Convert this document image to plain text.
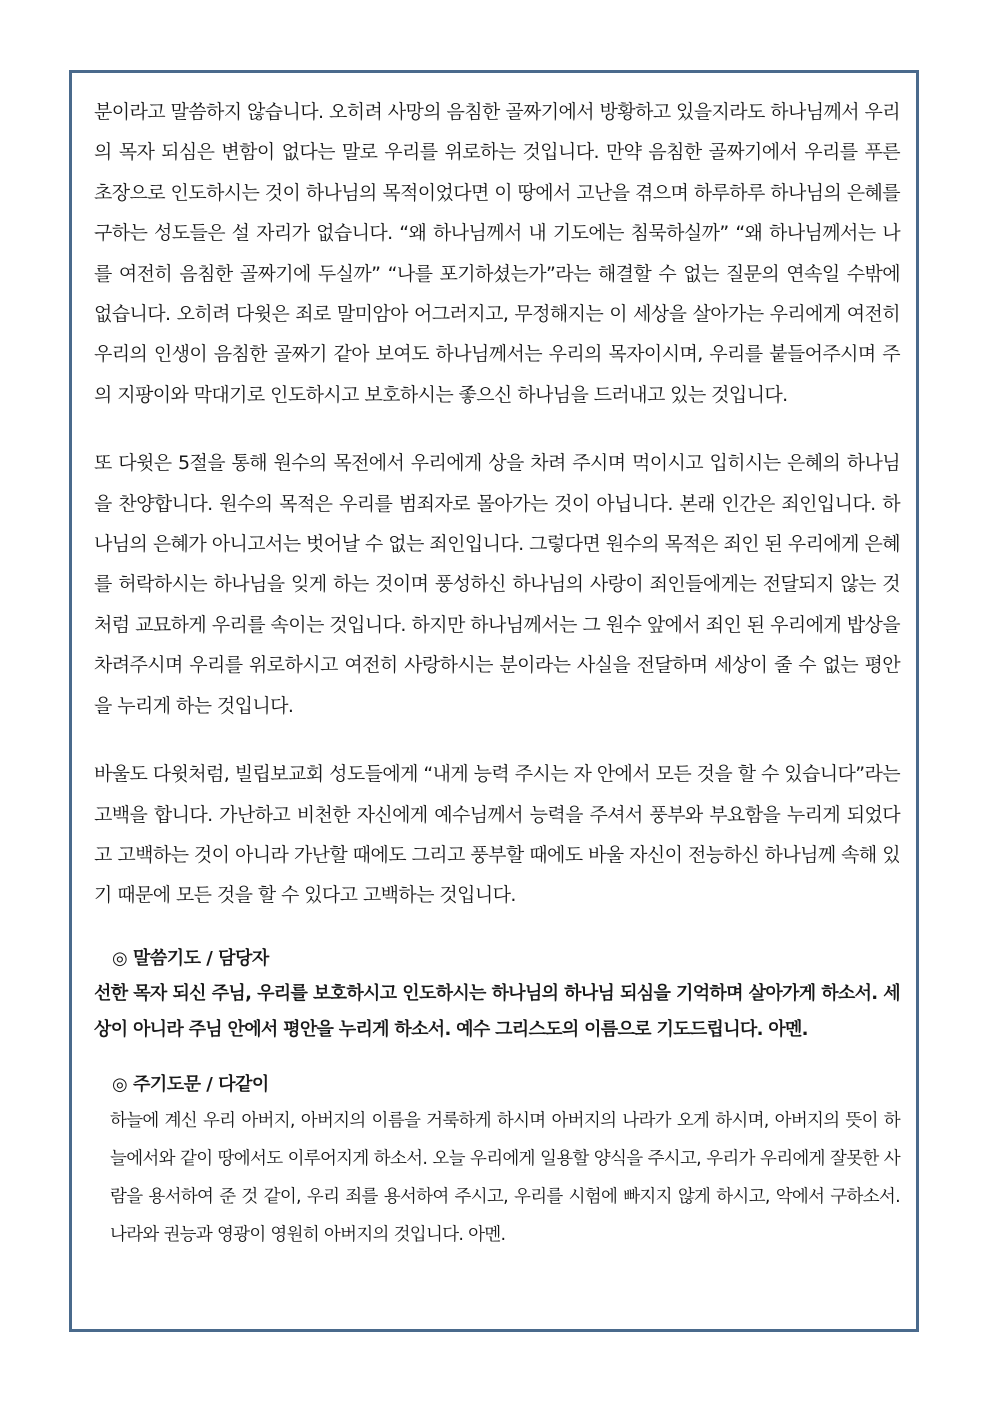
분이라고 말씀하지 않습니다. 오히려 사망의 음침한 골짜기에서 방황하고 있을지라도 하나님께서 우리의 목자 되심은 변함이 없다는 말로 우리를 위로하는 것입니다. 만약 음침한 골짜기에서 우리를 푸른 초장으로 인도하시는 것이 하나님의 목적이었다면 이 땅에서 고난을 겪으며 하루하루 하나님의 은혜를 구하는 성도들은 설 자리가 없습니다. “왜 하나님께서 내 기도에는 침묵하실까” “왜 하나님께서는 나를 여전히 음침한 골짜기에 두실까” “나를 포기하셨는가”라는 해결할 수 없는 질문의 연속일 수밖에 없습니다. 오히려 다윗은 죄로 말미암아 어그러지고, 무정해지는 이 세상을 살아가는 우리에게 여전히 우리의 인생이 음침한 골짜기 같아 보여도 하나님께서는 우리의 목자이시며, 우리를 붙들어주시며 주의 지팡이와 막대기로 인도하시고 보호하시는 좋으신 하나님을 드러내고 있는 것입니다.

또 다윗은 5절을 통해 원수의 목전에서 우리에게 상을 차려 주시며 먹이시고 입히시는 은혜의 하나님을 찬양합니다. 원수의 목적은 우리를 범죄자로 몰아가는 것이 아닙니다. 본래 인간은 죄인입니다. 하나님의 은혜가 아니고서는 벗어날 수 없는 죄인입니다. 그렇다면 원수의 목적은 죄인 된 우리에게 은혜를 허락하시는 하나님을 잊게 하는 것이며 풍성하신 하나님의 사랑이 죄인들에게는 전달되지 않는 것처럼 교묘하게 우리를 속이는 것입니다. 하지만 하나님께서는 그 원수 앞에서 죄인 된 우리에게 밥상을 차려주시며 우리를 위로하시고 여전히 사랑하시는 분이라는 사실을 전달하며 세상이 줄 수 없는 평안을 누리게 하는 것입니다.

바울도 다윗처럼, 빌립보교회 성도들에게 “내게 능력 주시는 자 안에서 모든 것을 할 수 있습니다”라는 고백을 합니다. 가난하고 비천한 자신에게 예수님께서 능력을 주셔서 풍부와 부요함을 누리게 되었다고 고백하는 것이 아니라 가난할 때에도 그리고 풍부할 때에도 바울 자신이 전능하신 하나님께 속해 있기 때문에 모든 것을 할 수 있다고 고백하는 것입니다.

◎ 말씀기도 / 담당자

선한 목자 되신 주님, 우리를 보호하시고 인도하시는 하나님의 하나님 되심을 기억하며 살아가게 하소서. 세상이 아니라 주님 안에서 평안을 누리게 하소서. 예수 그리스도의 이름으로 기도드립니다. 아멘.

◎ 주기도문 / 다같이

하늘에 계신 우리 아버지, 아버지의 이름을 거룩하게 하시며 아버지의 나라가 오게 하시며, 아버지의 뜻이 하늘에서와 같이 땅에서도 이루어지게 하소서. 오늘 우리에게 일용할 양식을 주시고, 우리가 우리에게 잘못한 사람을 용서하여 준 것 같이, 우리 죄를 용서하여 주시고, 우리를 시험에 빠지지 않게 하시고, 악에서 구하소서. 나라와 권능과 영광이 영원히 아버지의 것입니다. 아멘.
